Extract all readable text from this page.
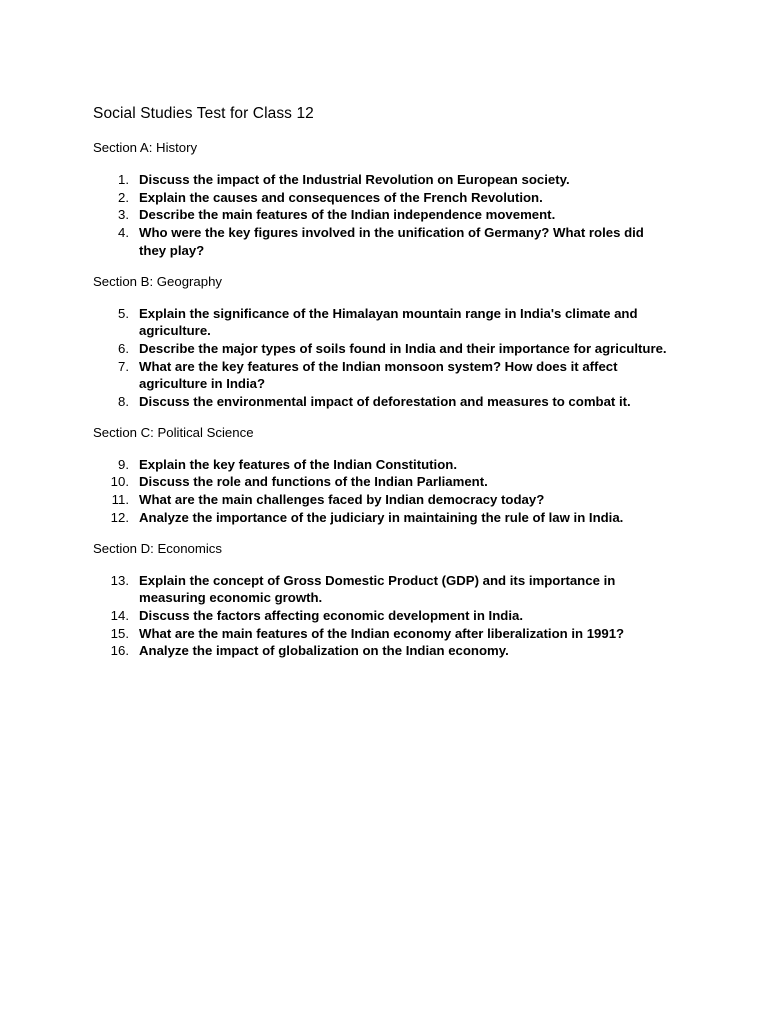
Social Studies Test for Class 12
Section A: History
1. Discuss the impact of the Industrial Revolution on European society.
2. Explain the causes and consequences of the French Revolution.
3. Describe the main features of the Indian independence movement.
4. Who were the key figures involved in the unification of Germany? What roles did they play?
Section B: Geography
5. Explain the significance of the Himalayan mountain range in India's climate and agriculture.
6. Describe the major types of soils found in India and their importance for agriculture.
7. What are the key features of the Indian monsoon system? How does it affect agriculture in India?
8. Discuss the environmental impact of deforestation and measures to combat it.
Section C: Political Science
9. Explain the key features of the Indian Constitution.
10. Discuss the role and functions of the Indian Parliament.
11. What are the main challenges faced by Indian democracy today?
12. Analyze the importance of the judiciary in maintaining the rule of law in India.
Section D: Economics
13. Explain the concept of Gross Domestic Product (GDP) and its importance in measuring economic growth.
14. Discuss the factors affecting economic development in India.
15. What are the main features of the Indian economy after liberalization in 1991?
16. Analyze the impact of globalization on the Indian economy.
